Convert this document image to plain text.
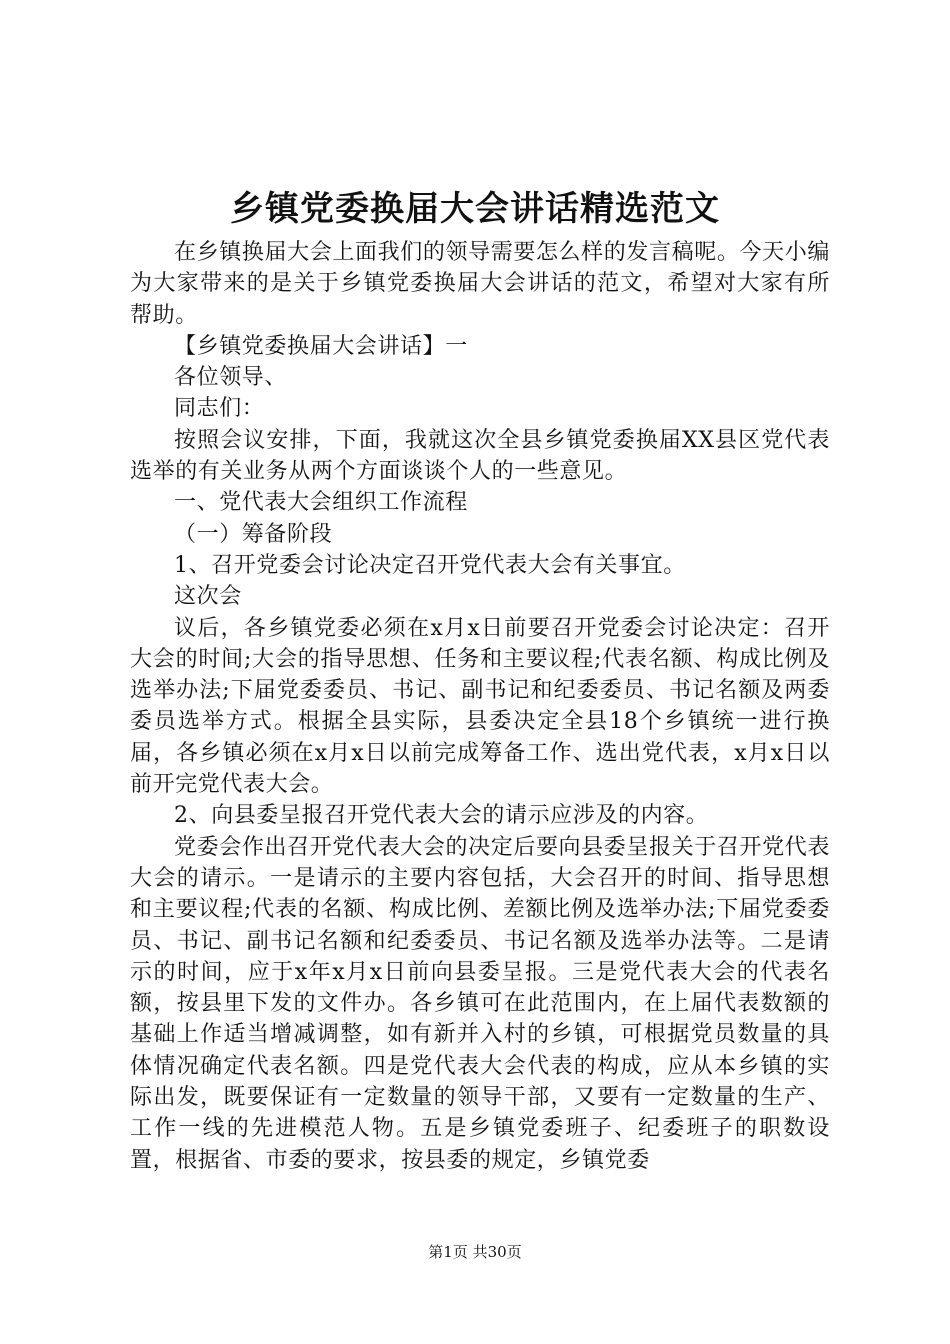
乡镇党委换届大会讲话精选范文

在乡镇换届大会上面我们的领导需要怎么样的发言稿呢。今天小编为大家带来的是关于乡镇党委换届大会讲话的范文，希望对大家有所帮助。

【乡镇党委换届大会讲话】一

各位领导、

同志们：

按照会议安排，下面，我就这次全县乡镇党委换届XX县区党代表选举的有关业务从两个方面谈谈个人的一些意见。

一、党代表大会组织工作流程

（一）筹备阶段

1、召开党委会讨论决定召开党代表大会有关事宜。

这次会

议后，各乡镇党委必须在x月x日前要召开党委会讨论决定：召开大会的时间;大会的指导思想、任务和主要议程;代表名额、构成比例及选举办法;下届党委委员、书记、副书记和纪委委员、书记名额及两委委员选举方式。根据全县实际，县委决定全县18个乡镇统一进行换届，各乡镇必须在x月x日以前完成筹备工作、选出党代表，x月x日以前开完党代表大会。

2、向县委呈报召开党代表大会的请示应涉及的内容。

党委会作出召开党代表大会的决定后要向县委呈报关于召开党代表大会的请示。一是请示的主要内容包括，大会召开的时间、指导思想和主要议程;代表的名额、构成比例、差额比例及选举办法;下届党委委员、书记、副书记名额和纪委委员、书记名额及选举办法等。二是请示的时间，应于x年x月x日前向县委呈报。三是党代表大会的代表名额，按县里下发的文件办。各乡镇可在此范围内，在上届代表数额的基础上作适当增减调整，如有新并入村的乡镇，可根据党员数量的具体情况确定代表名额。四是党代表大会代表的构成，应从本乡镇的实际出发，既要保证有一定数量的领导干部，又要有一定数量的生产、工作一线的先进模范人物。五是乡镇党委班子、纪委班子的职数设置，根据省、市委的要求，按县委的规定，乡镇党委

第1页 共30页
